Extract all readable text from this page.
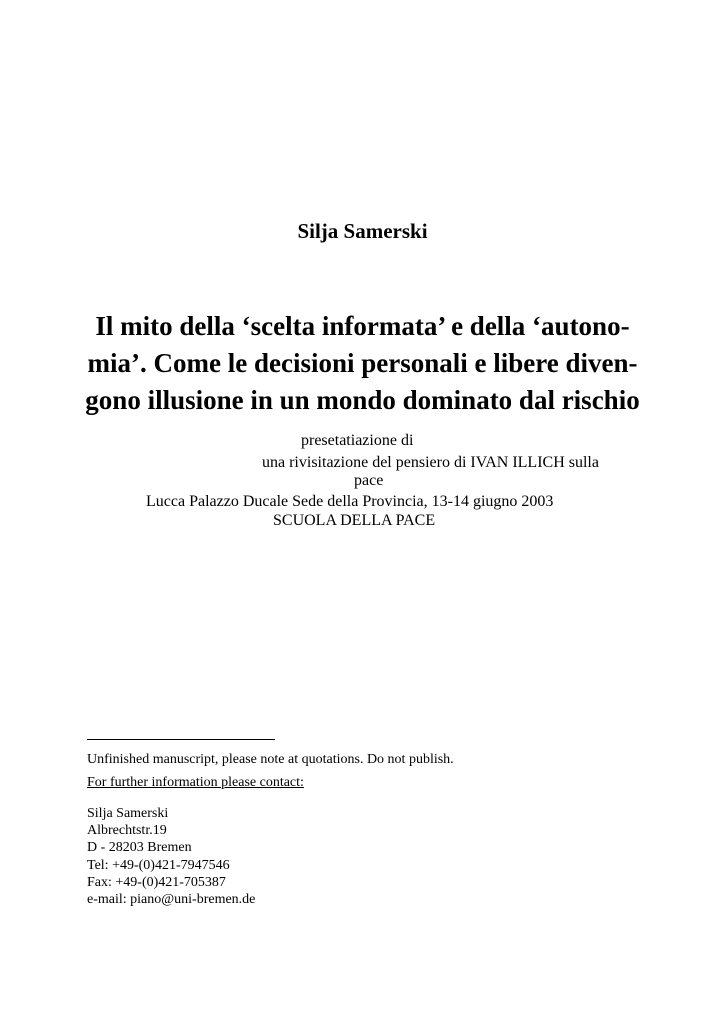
Silja Samerski
Il mito della ‘scelta informata’ e della ‘autono-
mia’. Come le decisioni personali e libere diven-
gono illusione in un mondo dominato dal rischio
presetatiazione di
una rivisitazione del pensiero di IVAN ILLICH sulla
pace
Lucca Palazzo Ducale Sede della Provincia, 13-14 giugno 2003
SCUOLA DELLA PACE
Unfinished manuscript, please note at quotations. Do not publish.
For further information please contact:
Silja Samerski
Albrechtstr.19
D - 28203 Bremen
Tel: +49-(0)421-7947546
Fax: +49-(0)421-705387
e-mail: piano@uni-bremen.de
